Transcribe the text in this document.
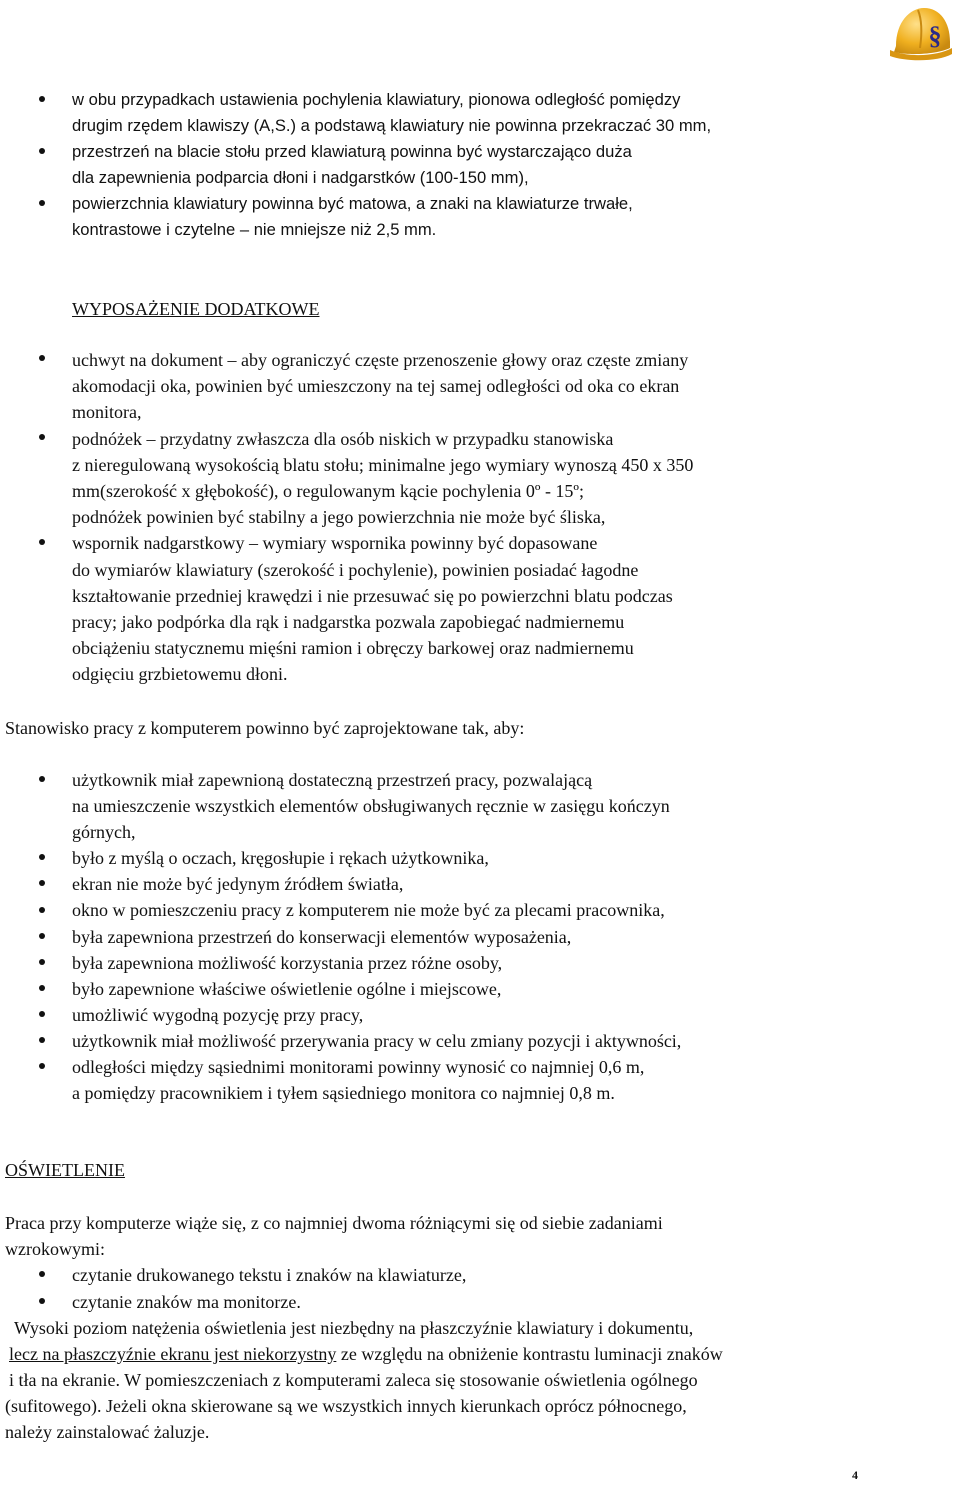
§
w obu przypadkach ustawienia pochylenia klawiatury, pionowa odległość pomiędzy
drugim rzędem klawiszy (A,S.) a podstawą klawiatury nie powinna przekraczać 30 mm,
przestrzeń na blacie stołu przed klawiaturą powinna być wystarczająco duża
dla zapewnienia podparcia dłoni i nadgarstków (100-150 mm),
powierzchnia klawiatury powinna być matowa, a znaki na klawiaturze trwałe,
kontrastowe i czytelne – nie mniejsze niż 2,5 mm.
WYPOSAŻENIE DODATKOWE
uchwyt na dokument – aby ograniczyć częste przenoszenie głowy oraz częste zmiany
akomodacji oka, powinien być umieszczony na tej samej odległości od oka co ekran
monitora,
podnóżek – przydatny zwłaszcza dla osób niskich w przypadku stanowiska
z nieregulowaną wysokością blatu stołu; minimalne jego wymiary wynoszą 450 x 350
mm(szerokość x głębokość), o regulowanym kącie pochylenia 0º - 15º;
podnóżek powinien być stabilny a jego powierzchnia nie może być śliska,
wspornik nadgarstkowy – wymiary wspornika powinny być dopasowane
do wymiarów klawiatury (szerokość i pochylenie), powinien posiadać łagodne
kształtowanie przedniej krawędzi i nie przesuwać się po powierzchni blatu podczas
pracy; jako podpórka dla rąk i nadgarstka pozwala zapobiegać nadmiernemu
obciążeniu statycznemu mięśni ramion i obręczy barkowej oraz nadmiernemu
odgięciu grzbietowemu dłoni.
Stanowisko pracy z komputerem powinno być zaprojektowane tak, aby:
użytkownik miał zapewnioną dostateczną przestrzeń pracy, pozwalającą
na umieszczenie wszystkich elementów obsługiwanych ręcznie w zasięgu kończyn
górnych,
było z myślą o oczach, kręgosłupie i rękach użytkownika,
ekran nie może być jedynym źródłem światła,
okno w pomieszczeniu pracy z komputerem nie może być za plecami pracownika,
była zapewniona przestrzeń do konserwacji elementów wyposażenia,
była zapewniona możliwość korzystania przez różne osoby,
było zapewnione właściwe oświetlenie ogólne i miejscowe,
umożliwić wygodną pozycję przy pracy,
użytkownik miał możliwość przerywania pracy w celu zmiany pozycji i aktywności,
odległości między sąsiednimi monitorami powinny wynosić co najmniej 0,6 m,
a pomiędzy pracownikiem i tyłem sąsiedniego monitora co najmniej 0,8 m.
OŚWIETLENIE
Praca przy komputerze wiąże się, z co najmniej dwoma różniącymi się od siebie zadaniami
wzrokowymi:
czytanie drukowanego tekstu i znaków na klawiaturze,
czytanie znaków ma monitorze.
Wysoki poziom natężenia oświetlenia jest niezbędny na płaszczyźnie klawiatury i dokumentu,
lecz na płaszczyźnie ekranu jest niekorzystny ze względu na obniżenie kontrastu luminacji znaków
i tła na ekranie. W pomieszczeniach z komputerami zaleca się stosowanie oświetlenia ogólnego
(sufitowego). Jeżeli okna skierowane są we wszystkich innych kierunkach oprócz północnego,
należy zainstalować żaluzje.
4
